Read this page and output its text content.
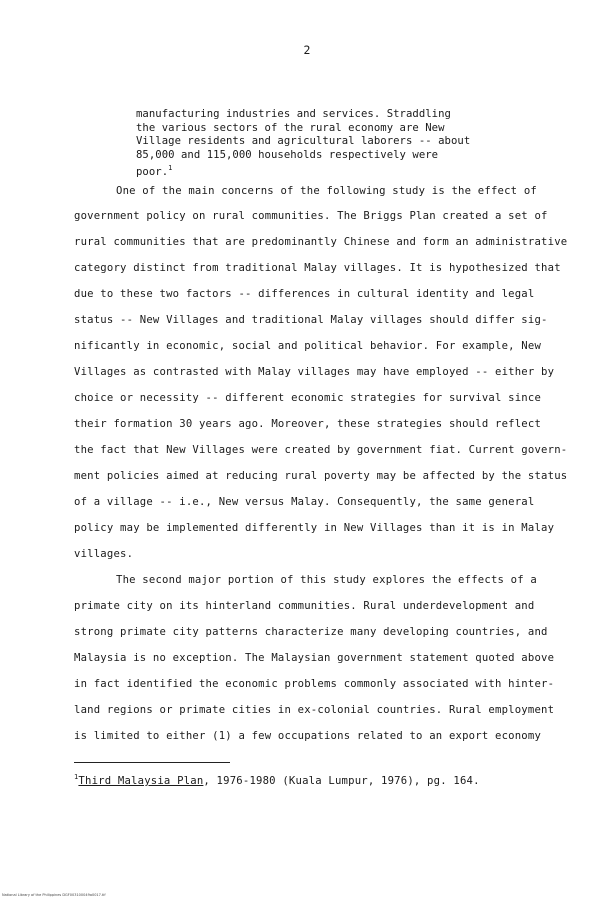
2
manufacturing industries and services. Straddling
the various sectors of the rural economy are New
Village residents and agricultural laborers -- about
85,000 and 115,000 households respectively were
poor.$^1$
One of the main concerns of the following study is the effect of
government policy on rural communities. The Briggs Plan created a set of
rural communities that are predominantly Chinese and form an administrative
category distinct from traditional Malay villages. It is hypothesized that
due to these two factors -- differences in cultural identity and legal
status -- New Villages and traditional Malay villages should differ sig-
nificantly in economic, social and political behavior. For example, New
Villages as contrasted with Malay villages may have employed -- either by
choice or necessity -- different economic strategies for survival since
their formation 30 years ago. Moreover, these strategies should reflect
the fact that New Villages were created by government fiat. Current govern-
ment policies aimed at reducing rural poverty may be affected by the status
of a village -- i.e., New versus Malay. Consequently, the same general
policy may be implemented differently in New Villages than it is in Malay
villages.
The second major portion of this study explores the effects of a
primate city on its hinterland communities. Rural underdevelopment and
strong primate city patterns characterize many developing countries, and
Malaysia is no exception. The Malaysian government statement quoted above
in fact identified the economic problems commonly associated with hinter-
land regions or primate cities in ex-colonial countries. Rural employment
is limited to either (1) a few occupations related to an export economy
$^1$Third Malaysia Plan, 1976-1980 (Kuala Lumpur, 1976), pg. 164.
National Library of the Philippines DGF003100049a0017.tif
